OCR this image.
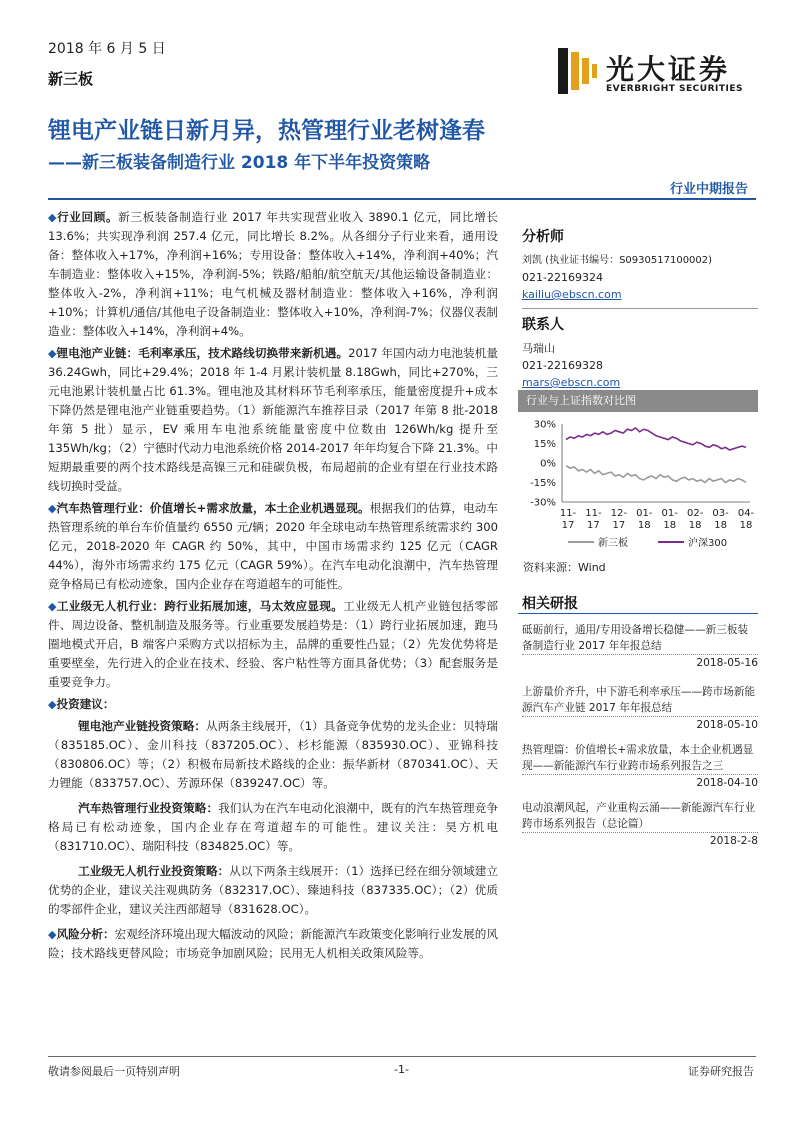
2018 年 6 月 5 日
新三板	光大证券
EVERBRIGHT SECURITIES
锂电产业链日新月异，热管理行业老树逢春
——新三板装备制造行业 2018 年下半年投资策略
行业中期报告

◆行业回顾。新三板装备制造行业 2017 年共实现营业收入 3890.1 亿元，同比增长 13.6%；共实现净利润 257.4 亿元，同比增长 8.2%。从各细分子行业来看，通用设备：整体收入+17%，净利润+16%；专用设备：整体收入+14%，净利润+40%；汽车制造业：整体收入+15%，净利润-5%；铁路/船舶/航空航天/其他运输设备制造业：整体收入-2%，净利润+11%；电气机械及器材制造业：整体收入+16%，净利润+10%；计算机/通信/其他电子设备制造业：整体收入+10%，净利润-7%；仪器仪表制造业：整体收入+14%，净利润+4%。

◆锂电池产业链：毛利率承压，技术路线切换带来新机遇。2017 年国内动力电池装机量 36.24Gwh，同比+29.4%；2018 年 1-4 月累计装机量 8.18Gwh，同比+270%，三元电池累计装机量占比 61.3%。锂电池及其材料环节毛利率承压，能量密度提升+成本下降仍然是锂电池产业链重要趋势。（1）新能源汽车推荐目录（2017 年第 8 批-2018 年第 5 批）显示，EV 乘用车电池系统能量密度中位数由 126Wh/kg 提升至 135Wh/kg；（2）宁德时代动力电池系统价格 2014-2017 年年均复合下降 21.3%。中短期最重要的两个技术路线是高镍三元和硅碳负极，布局超前的企业有望在行业技术路线切换时受益。

◆汽车热管理行业：价值增长+需求放量，本土企业机遇显现。根据我们的估算，电动车热管理系统的单台车价值量约 6550 元/辆；2020 年全球电动车热管理系统需求约 300 亿元，2018-2020 年 CAGR 约 50%，其中，中国市场需求约 125 亿元（CAGR 44%），海外市场需求约 175 亿元（CAGR 59%）。在汽车电动化浪潮中，汽车热管理竞争格局已有松动迹象，国内企业存在弯道超车的可能性。

◆工业级无人机行业：跨行业拓展加速，马太效应显现。工业级无人机产业链包括零部件、周边设备、整机制造及服务等。行业重要发展趋势是：（1）跨行业拓展加速，跑马圈地模式开启，B 端客户采购方式以招标为主，品牌的重要性凸显；（2）先发优势将是重要壁垒，先行进入的企业在技术、经验、客户粘性等方面具备优势；（3）配套服务是重要竞争力。

◆投资建议：

锂电池产业链投资策略：从两条主线展开，（1）具备竞争优势的龙头企业：贝特瑞（835185.OC）、金川科技（837205.OC）、杉杉能源（835930.OC）、亚锦科技（830806.OC）等；（2）积极布局新技术路线的企业：振华新材（870341.OC）、天力锂能（833757.OC）、芳源环保（839247.OC）等。

汽车热管理行业投资策略：我们认为在汽车电动化浪潮中，既有的汽车热管理竞争格局已有松动迹象，国内企业存在弯道超车的可能性。建议关注：昊方机电（831710.OC）、瑞阳科技（834825.OC）等。

工业级无人机行业投资策略：从以下两条主线展开：（1）选择已经在细分领域建立优势的企业，建议关注观典防务（832317.OC）、臻迪科技（837335.OC）；（2）优质的零部件企业，建议关注西部超导（831628.OC）。

◆风险分析：宏观经济环境出现大幅波动的风险；新能源汽车政策变化影响行业发展的风险；技术路线更替风险；市场竞争加剧风险；民用无人机相关政策风险等。

分析师
刘凯 (执业证书编号：S0930517100002)
021-22169324
kailiu@ebscn.com
联系人
马瑞山
021-22169328
mars@ebscn.com
行业与上证指数对比图
30%
15%
0%
-15%
-30%
11-
17
11-
17
12-
17
01-
18
01-
18
02-
18
03-
18
04-
18
新三板	沪深300
资料来源：Wind
相关研报
砥砺前行，通用/专用设备增长稳健——新三板装备制造行业 2017 年年报总结
2018-05-16
上游量价齐升，中下游毛利率承压——跨市场新能源汽车产业链 2017 年年报总结
2018-05-10
热管理篇：价值增长+需求放量，本土企业机遇显现——新能源汽车行业跨市场系列报告之三
2018-04-10
电动浪潮风起，产业重构云涌——新能源汽车行业跨市场系列报告（总论篇）
2018-2-8
敬请参阅最后一页特别声明	-1-	证券研究报告
